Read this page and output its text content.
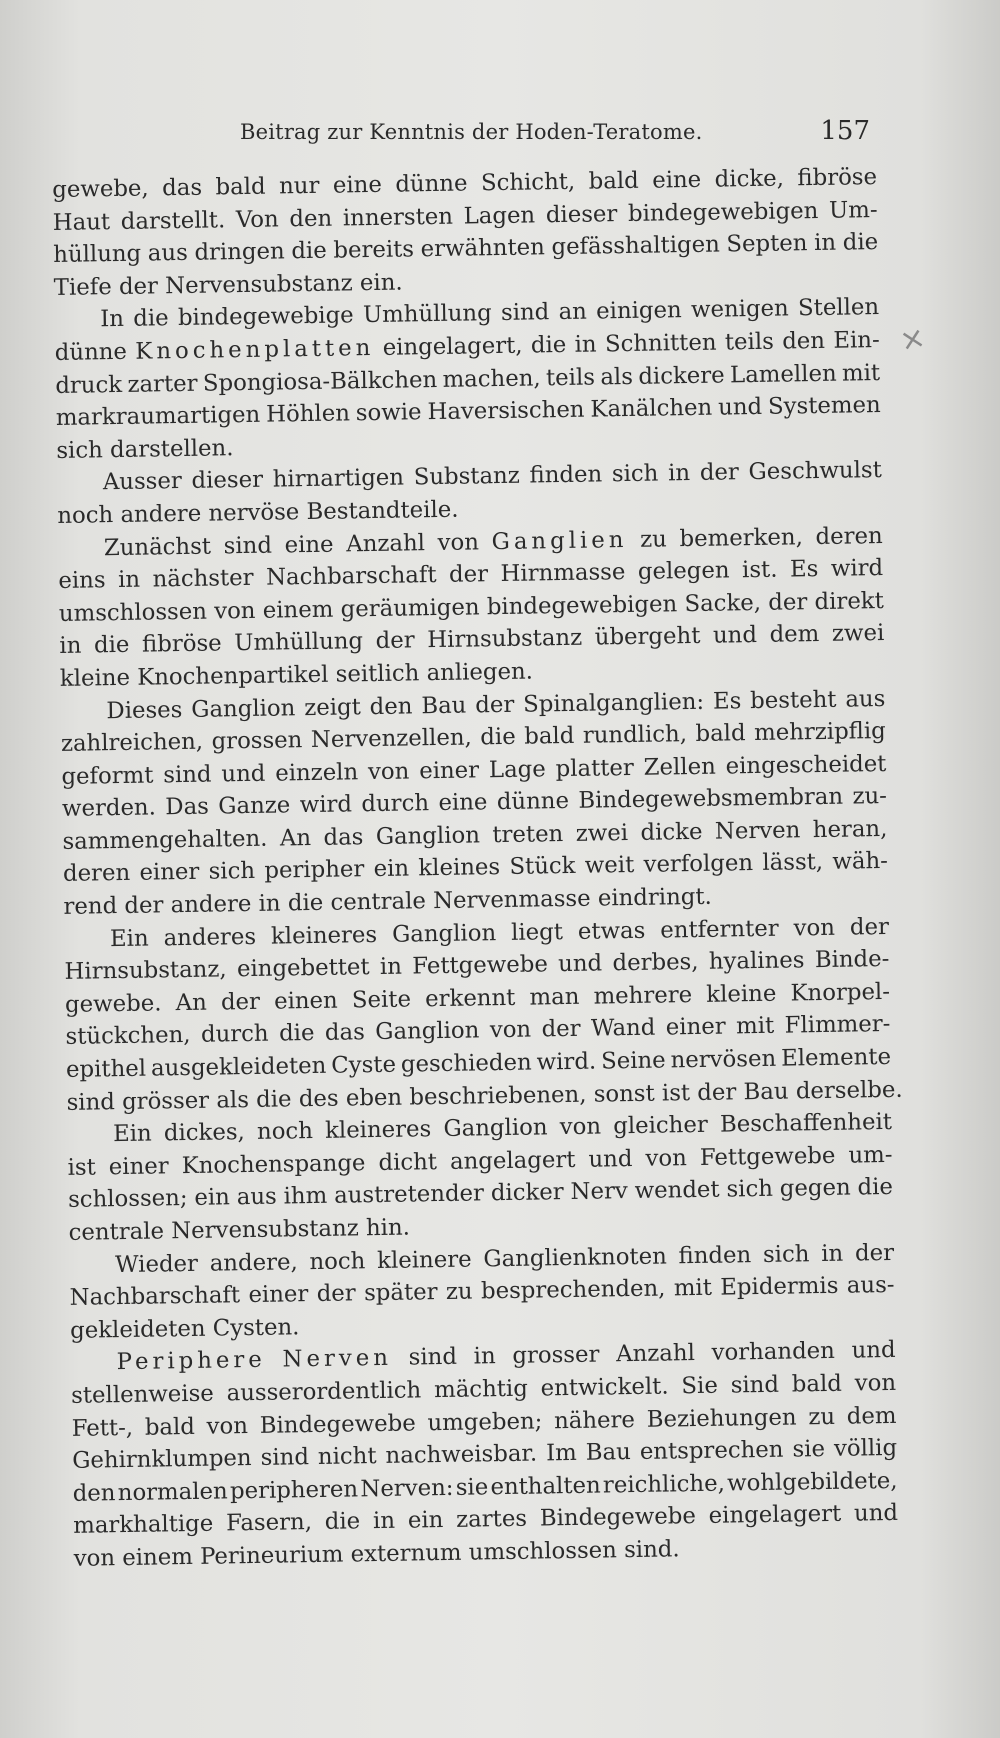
Beitrag zur Kenntnis der Hoden-Teratome.	157
×
gewebe, das bald nur eine dünne Schicht, bald eine dicke, fibröse
Haut darstellt. Von den innersten Lagen dieser bindegewebigen Um-
hüllung aus dringen die bereits erwähnten gefässhaltigen Septen in die
Tiefe
der
Nervensubstanz
ein.
In die bindegewebige Umhüllung sind an einigen wenigen Stellen
dünne Knochenplatten eingelagert, die in Schnitten teils den Ein-
druck zarter Spongiosa-Bälkchen machen, teils als dickere Lamellen mit
markraumartigen Höhlen sowie Haversischen Kanälchen und Systemen
sich
darstellen.
Ausser dieser hirnartigen Substanz finden sich in der Geschwulst
noch
andere
nervöse
Bestandteile.
Zunächst sind eine Anzahl von Ganglien zu bemerken, deren
eins in nächster Nachbarschaft der Hirnmasse gelegen ist. Es wird
umschlossen von einem geräumigen bindegewebigen Sacke, der direkt
in die fibröse Umhüllung der Hirnsubstanz übergeht und dem zwei
kleine
Knochenpartikel
seitlich
anliegen.
Dieses Ganglion zeigt den Bau der Spinalganglien: Es besteht aus
zahlreichen, grossen Nervenzellen, die bald rundlich, bald mehrzipflig
geformt sind und einzeln von einer Lage platter Zellen eingescheidet
werden. Das Ganze wird durch eine dünne Bindegewebsmembran zu-
sammengehalten. An das Ganglion treten zwei dicke Nerven heran,
deren einer sich peripher ein kleines Stück weit verfolgen lässt, wäh-
rend
der
andere
in
die
centrale
Nervenmasse
eindringt.
Ein anderes kleineres Ganglion liegt etwas entfernter von der
Hirnsubstanz, eingebettet in Fettgewebe und derbes, hyalines Binde-
gewebe. An der einen Seite erkennt man mehrere kleine Knorpel-
stückchen, durch die das Ganglion von der Wand einer mit Flimmer-
epithel ausgekleideten Cyste geschieden wird. Seine nervösen Elemente
sind
grösser
als
die
des
eben
beschriebenen,
sonst
ist
der
Bau
derselbe.
Ein dickes, noch kleineres Ganglion von gleicher Beschaffenheit
ist einer Knochenspange dicht angelagert und von Fettgewebe um-
schlossen; ein aus ihm austretender dicker Nerv wendet sich gegen die
centrale
Nervensubstanz
hin.
Wieder andere, noch kleinere Ganglienknoten finden sich in der
Nachbarschaft einer der später zu besprechenden, mit Epidermis aus-
gekleideten
Cysten.
Periphere Nerven sind in grosser Anzahl vorhanden und
stellenweise ausserordentlich mächtig entwickelt. Sie sind bald von
Fett-, bald von Bindegewebe umgeben; nähere Beziehungen zu dem
Gehirnklumpen sind nicht nachweisbar. Im Bau entsprechen sie völlig
den normalen peripheren Nerven: sie enthalten reichliche, wohlgebildete,
markhaltige Fasern, die in ein zartes Bindegewebe eingelagert und
von
einem
Perineurium
externum
umschlossen
sind.
